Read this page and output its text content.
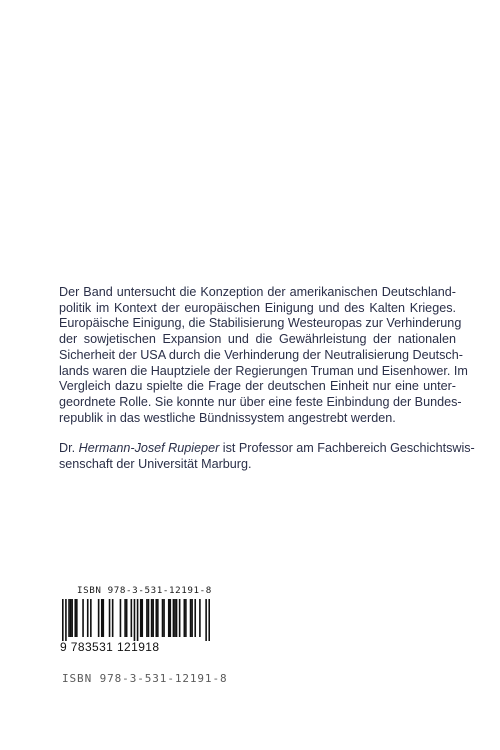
Der Band untersucht die Konzeption der amerikanischen Deutschland-
politik im Kontext der europäischen Einigung und des Kalten Krieges.
Europäische Einigung, die Stabilisierung Westeuropas zur Verhinderung
der sowjetischen Expansion und die Gewährleistung der nationalen
Sicherheit der USA durch die Verhinderung der Neutralisierung Deutsch-
lands waren die Hauptziele der Regierungen Truman und Eisenhower. Im
Vergleich dazu spielte die Frage der deutschen Einheit nur eine unter-
geordnete Rolle. Sie konnte nur über eine feste Einbindung der Bundes-
republik in das westliche Bündnissystem angestrebt werden.
Dr. Hermann-Josef Rupieper ist Professor am Fachbereich Geschichtswis-
senschaft der Universität Marburg.
ISBN 978-3-531-12191-8
9 783531 121918
ISBN 978-3-531-12191-8
